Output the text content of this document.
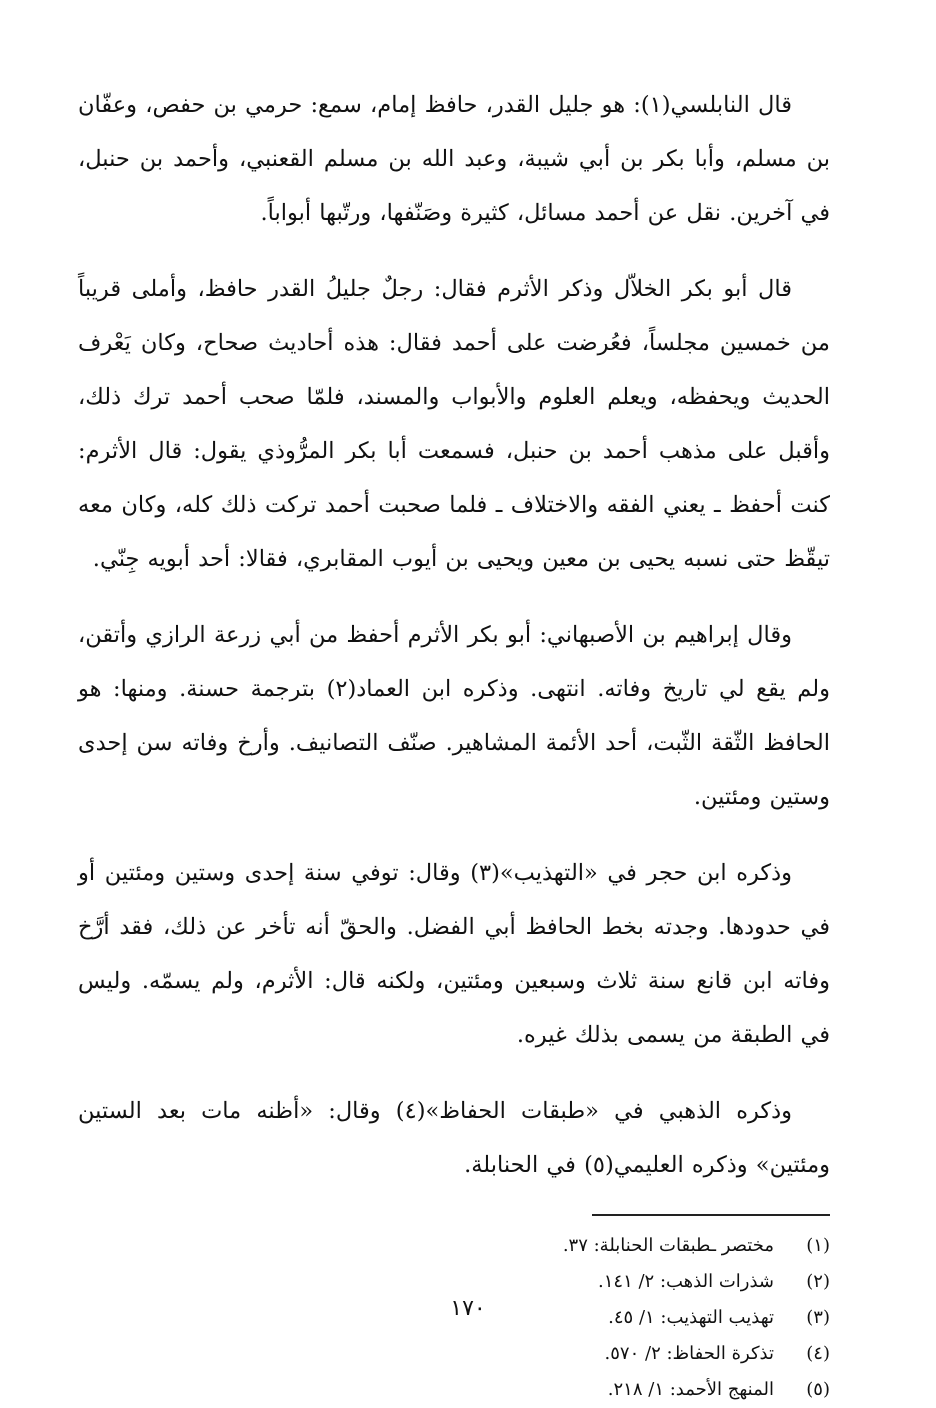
قال النابلسي(١): هو جليل القدر، حافظ إمام، سمع: حرمي بن حفص، وعفّان بن مسلم، وأبا بكر بن أبي شيبة، وعبد الله بن مسلم القعنبي، وأحمد بن حنبل، في آخرين. نقل عن أحمد مسائل، كثيرة وصَنّفها، ورتّبها أبواباً.

قال أبو بكر الخلاّل وذكر الأثرم فقال: رجلٌ جليلُ القدر حافظ، وأملى قريباً من خمسين مجلساً، فعُرضت على أحمد فقال: هذه أحاديث صحاح، وكان يَعْرف الحديث ويحفظه، ويعلم العلوم والأبواب والمسند، فلمّا صحب أحمد ترك ذلك، وأقبل على مذهب أحمد بن حنبل، فسمعت أبا بكر المرُّوذي يقول: قال الأثرم: كنت أحفظ ـ يعني الفقه والاختلاف ـ فلما صحبت أحمد تركت ذلك كله، وكان معه تيقّظ حتى نسبه يحيى بن معين ويحيى بن أيوب المقابري، فقالا: أحد أبويه جِنّي.

وقال إبراهيم بن الأصبهاني: أبو بكر الأثرم أحفظ من أبي زرعة الرازي وأتقن، ولم يقع لي تاريخ وفاته. انتهى. وذكره ابن العماد(٢) بترجمة حسنة. ومنها: هو الحافظ الثّقة الثّبت، أحد الأئمة المشاهير. صنّف التصانيف. وأرخ وفاته سن إحدى وستين ومئتين.

وذكره ابن حجر في «التهذيب»(٣) وقال: توفي سنة إحدى وستين ومئتين أو في حدودها. وجدته بخط الحافظ أبي الفضل. والحقّ أنه تأخر عن ذلك، فقد أرَّخ وفاته ابن قانع سنة ثلاث وسبعين ومئتين، ولكنه قال: الأثرم، ولم يسمّه. وليس في الطبقة من يسمى بذلك غيره.

وذكره الذهبي في «طبقات الحفاظ»(٤) وقال: «أظنه مات بعد الستين ومئتين» وذكره العليمي(٥) في الحنابلة.

(١)
مختصر ـطبقات الحنابلة: ٣٧.
(٢)
شذرات الذهب: ٢/ ١٤١.
(٣)
تهذيب التهذيب: ١/ ٤٥.
(٤)
تذكرة الحفاظ: ٢/ ٥٧٠.
(٥)
المنهج الأحمد: ١/ ٢١٨.
١٧٠
